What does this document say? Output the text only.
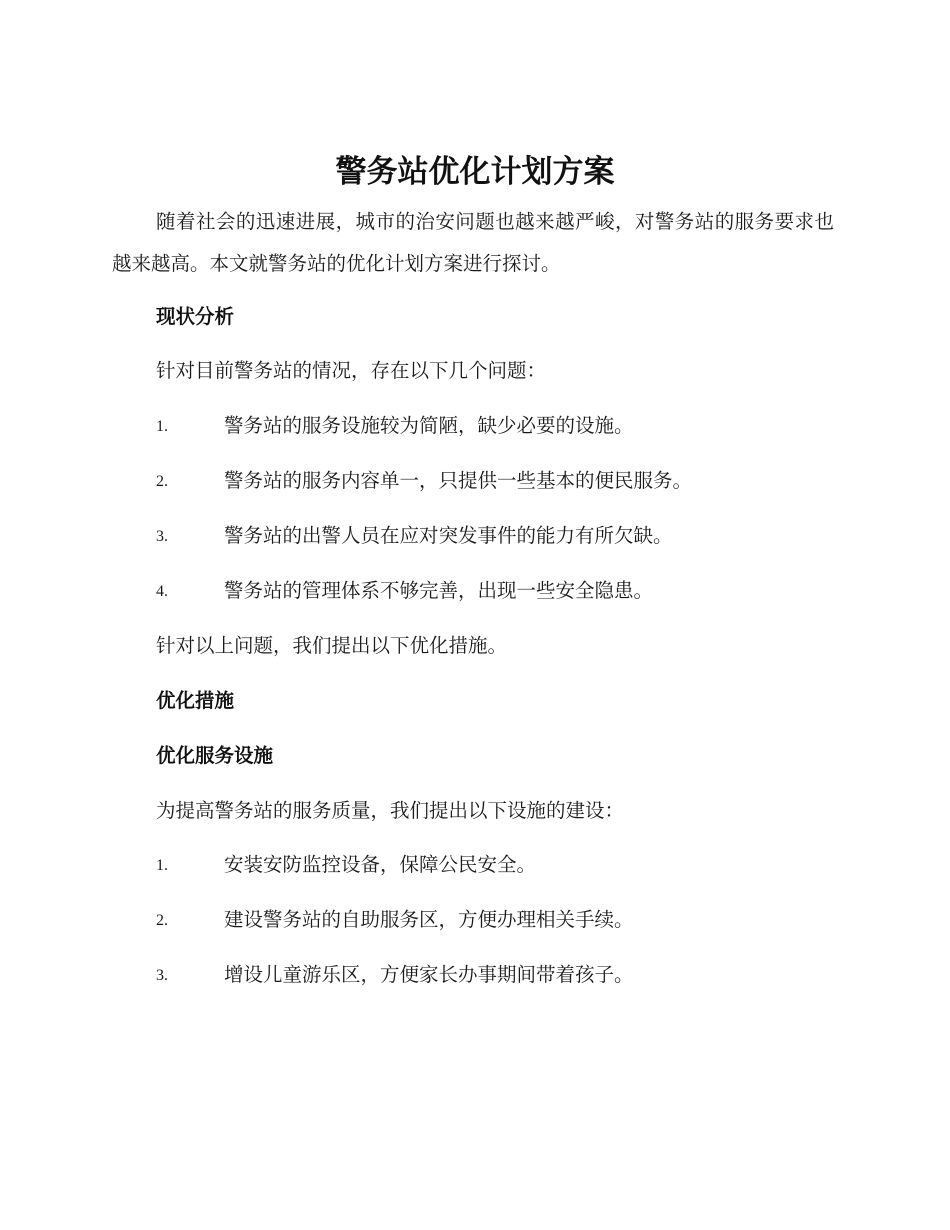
警务站优化计划方案

随着社会的迅速进展，城市的治安问题也越来越严峻，对警务站的服务要求也越来越高。本文就警务站的优化计划方案进行探讨。

现状分析
针对目前警务站的情况，存在以下几个问题：
1.	警务站的服务设施较为简陋，缺少必要的设施。
2.	警务站的服务内容单一，只提供一些基本的便民服务。
3.	警务站的出警人员在应对突发事件的能力有所欠缺。
4.	警务站的管理体系不够完善，出现一些安全隐患。
针对以上问题，我们提出以下优化措施。
优化措施
优化服务设施
为提高警务站的服务质量，我们提出以下设施的建设：
1.	安装安防监控设备，保障公民安全。
2.	建设警务站的自助服务区，方便办理相关手续。
3.	增设儿童游乐区，方便家长办事期间带着孩子。
